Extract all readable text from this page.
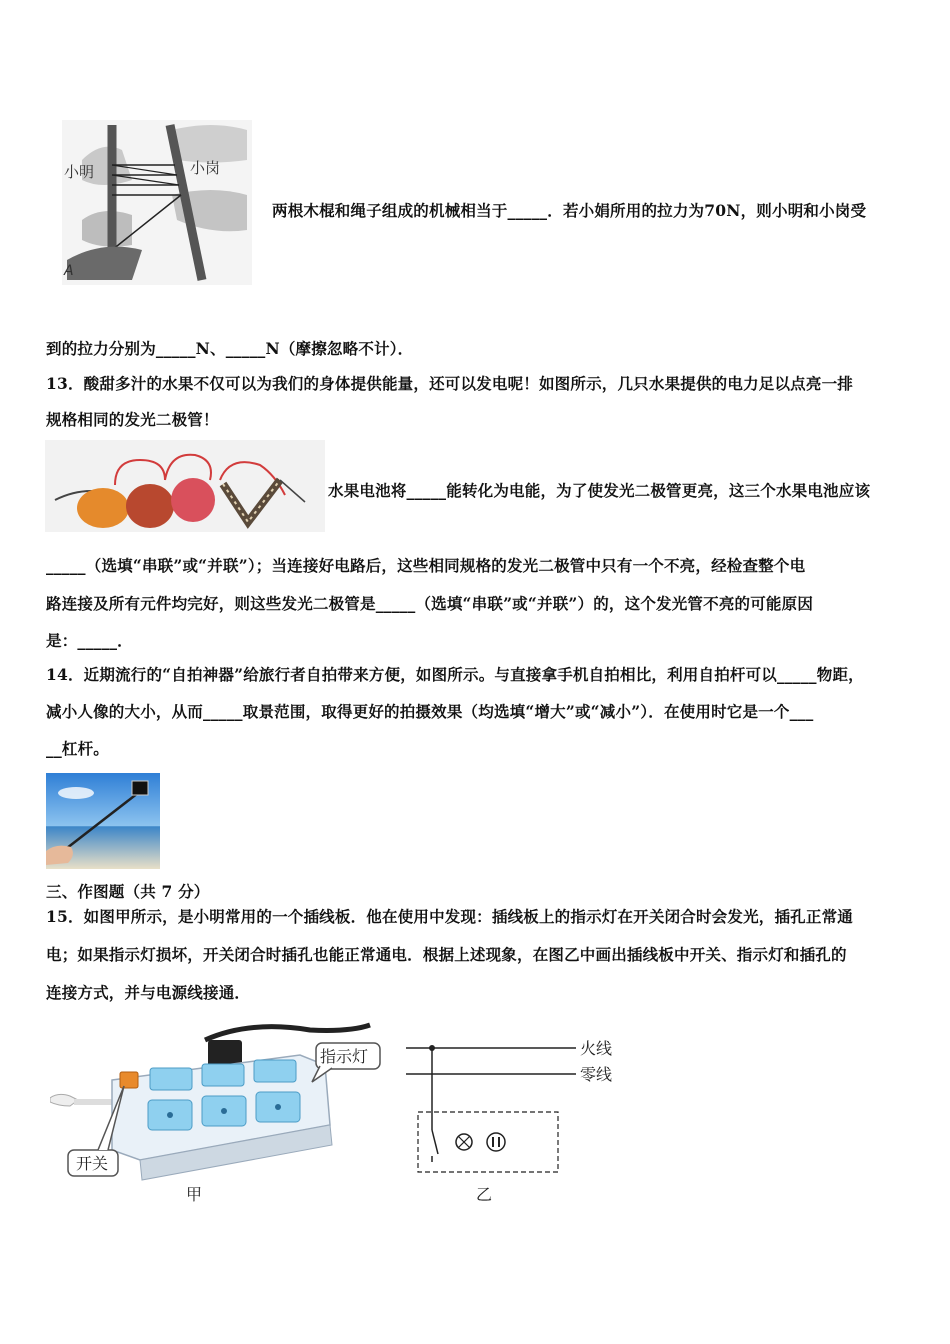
小明	小岗
A
两根木棍和绳子组成的机械相当于_____．若小娟所用的拉力为70N，则小明和小岗受
到的拉力分别为_____N、_____N（摩擦忽略不计）．
13．酸甜多汁的水果不仅可以为我们的身体提供能量，还可以发电呢！如图所示，几只水果提供的电力足以点亮一排
规格相同的发光二极管！
水果电池将_____能转化为电能，为了使发光二极管更亮，这三个水果电池应该
_____（选填“串联”或“并联”）；当连接好电路后，这些相同规格的发光二极管中只有一个不亮，经检查整个电
路连接及所有元件均完好，则这些发光二极管是_____（选填“串联”或“并联”）的，这个发光管不亮的可能原因
是：_____．
14．近期流行的“自拍神器”给旅行者自拍带来方便，如图所示。与直接拿手机自拍相比，利用自拍杆可以_____物距，
减小人像的大小，从而_____取景范围，取得更好的拍摄效果（均选填“增大”或“减小”）．在使用时它是一个___
__杠杆。
三、作图题（共 7 分）
15．如图甲所示，是小明常用的一个插线板．他在使用中发现：插线板上的指示灯在开关闭合时会发光，插孔正常通
电；如果指示灯损坏，开关闭合时插孔也能正常通电．根据上述现象，在图乙中画出插线板中开关、指示灯和插孔的
连接方式，并与电源线接通．
指示灯
开关
甲
火线
零线
乙
